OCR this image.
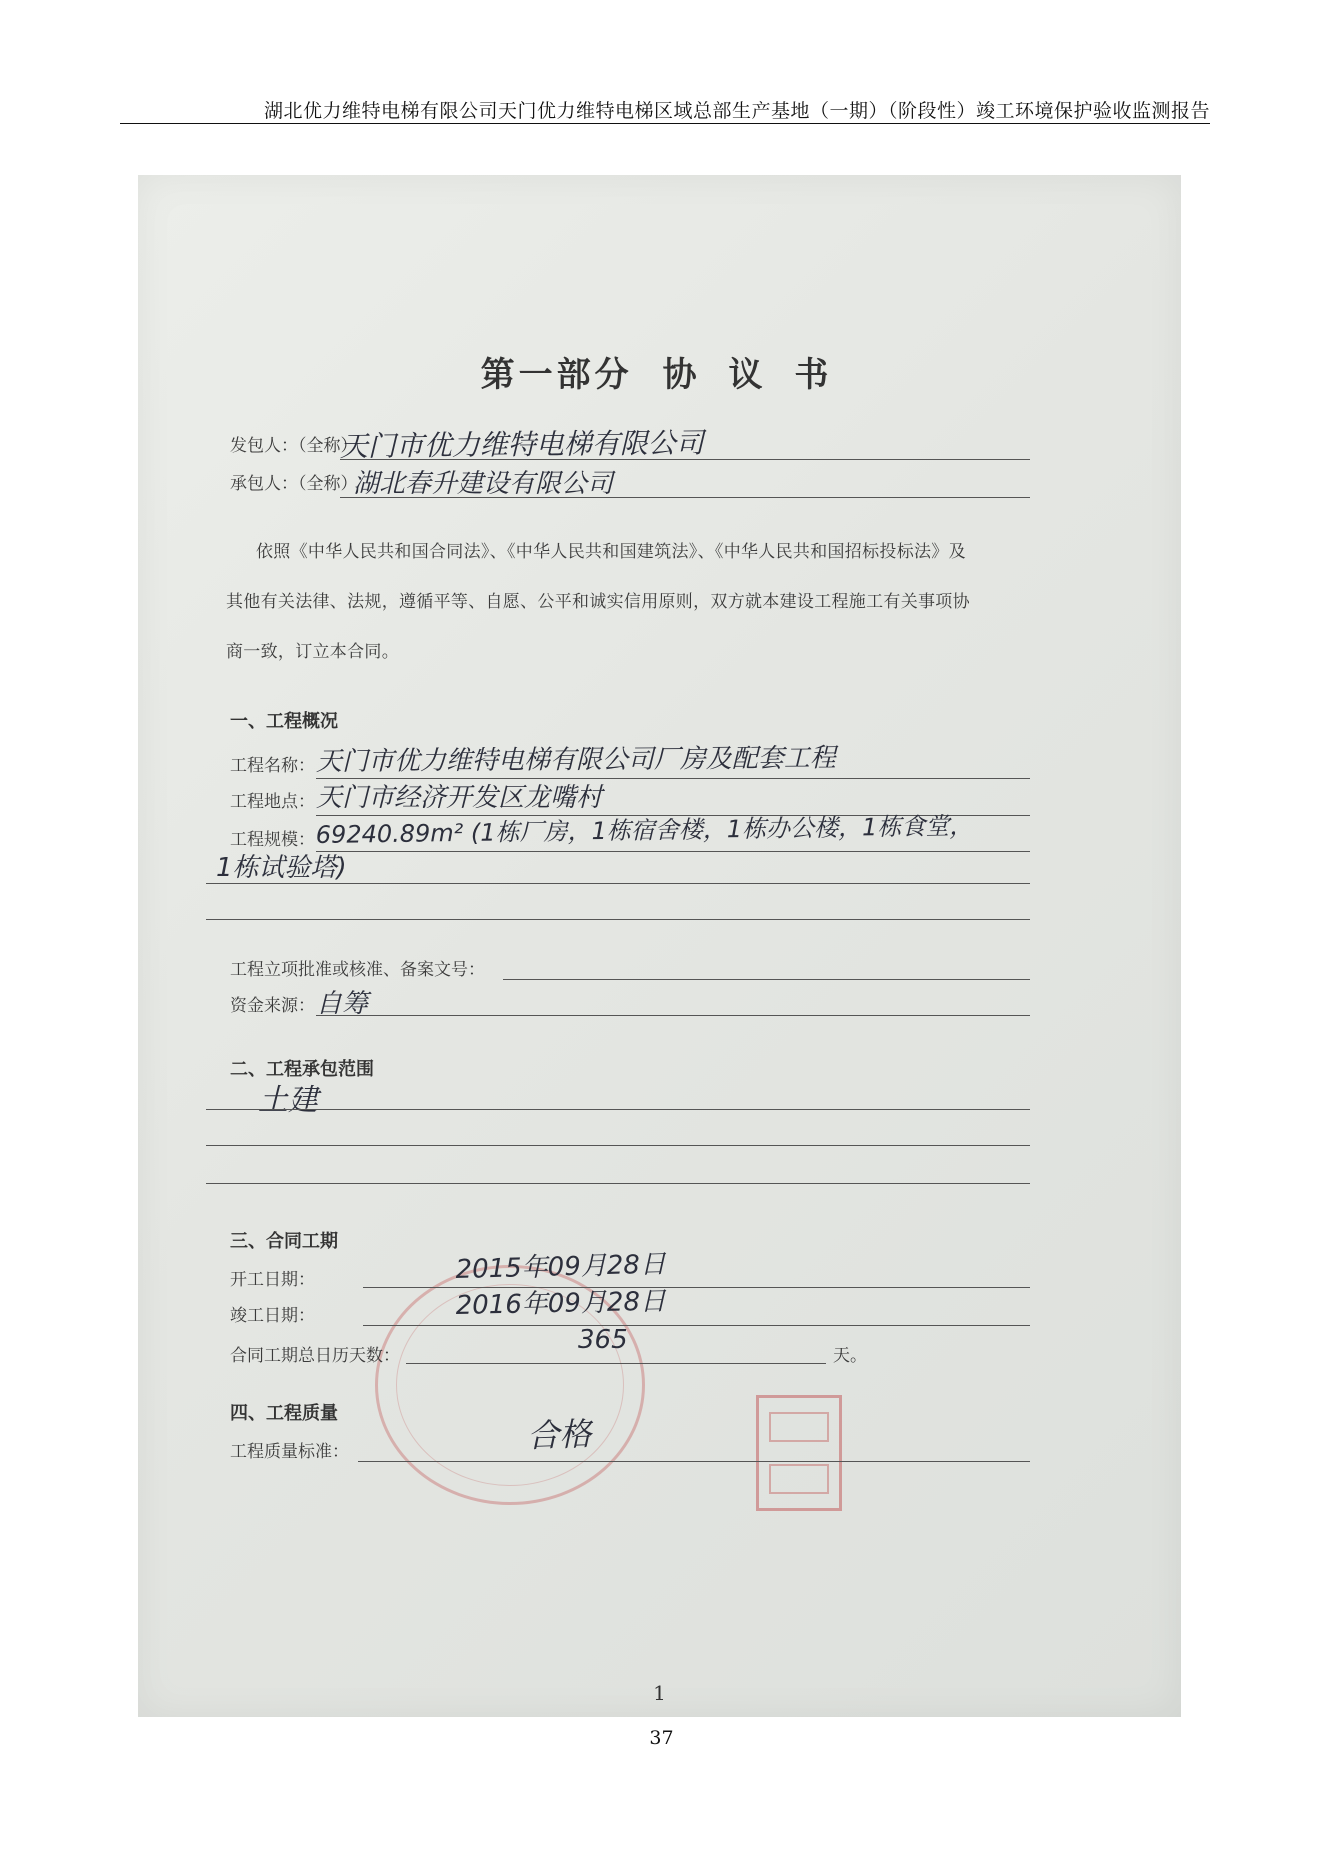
湖北优力维特电梯有限公司天门优力维特电梯区域总部生产基地（一期）（阶段性）竣工环境保护验收监测报告
第一部分 协 议 书
发包人：（全称）
天门市优力维特电梯有限公司
承包人：（全称）
湖北春升建设有限公司
依照《中华人民共和国合同法》、《中华人民共和国建筑法》、《中华人民共和国招标投标法》及
其他有关法律、法规，遵循平等、自愿、公平和诚实信用原则，双方就本建设工程施工有关事项协
商一致，订立本合同。
一、工程概况
工程名称： 天门市优力维特电梯有限公司厂房及配套工程
工程地点： 天门市经济开发区龙嘴村
工程规模： 69240.89m² (1栋厂房，1栋宿舍楼，1栋办公楼，1栋食堂，
1栋试验塔)
工程立项批准或核准、备案文号：
资金来源： 自筹
二、工程承包范围
土建
三、合同工期
开工日期：	2015年09月28日
竣工日期：	2016年09月28日
合同工期总日历天数：
365
天。
四、工程质量
工程质量标准：	合格
1
37
